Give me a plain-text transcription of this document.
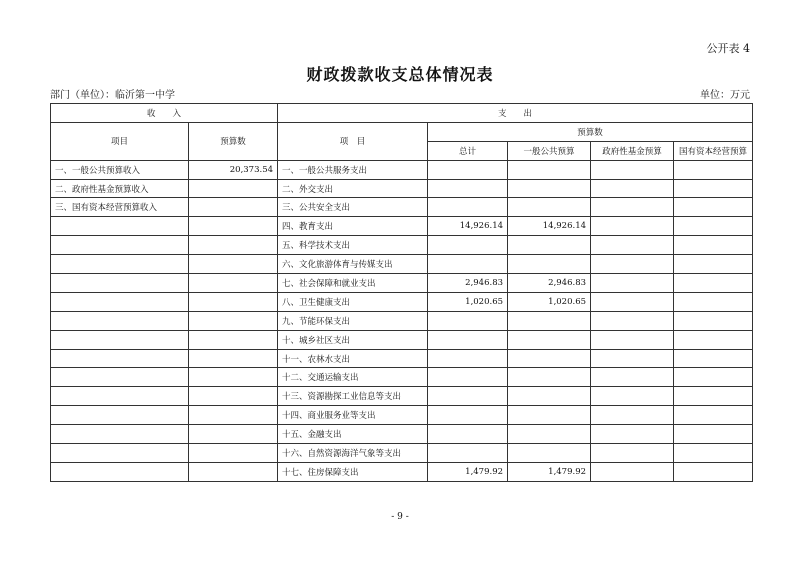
公开表 4
财政拨款收支总体情况表
部门（单位）：临沂第一中学	单位：万元
收　　入		支　　出				
项目	预算数	项　目	预算数			
			总计	一般公共预算	政府性基金预算	国有资本经营预算
一、一般公共预算收入	20,373.54	一、一般公共服务支出				
二、政府性基金预算收入		二、外交支出				
三、国有资本经营预算收入		三、公共安全支出				
		四、教育支出	14,926.14	14,926.14		
		五、科学技术支出				
		六、文化旅游体育与传媒支出				
		七、社会保障和就业支出	2,946.83	2,946.83		
		八、卫生健康支出	1,020.65	1,020.65		
		九、节能环保支出				
		十、城乡社区支出				
		十一、农林水支出				
		十二、交通运输支出				
		十三、资源勘探工业信息等支出				
		十四、商业服务业等支出				
		十五、金融支出				
		十六、自然资源海洋气象等支出				
		十七、住房保障支出	1,479.92	1,479.92		
- 9 -
